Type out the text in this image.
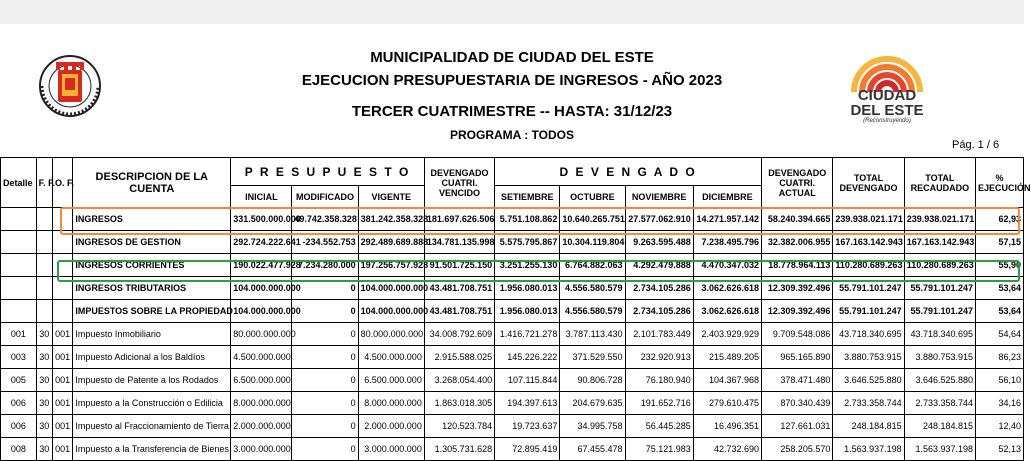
MUNICIPALIDAD DE CIUDAD DEL ESTE
EJECUCION PRESUPUESTARIA DE INGRESOS - AÑO 2023
TERCER CUATRIMESTRE -- HASTA: 31/12/23
PROGRAMA : TODOS
CIUDAD
DEL ESTE
(Reconstruyendo)
Pág. 1 / 6
Detalle	F. F.	O. F.	DESCRIPCION DE LA CUENTA	P R E S U P U E S T O			DEVENGADO CUATRI. VENCIDO	D E V E N G A D O				DEVENGADO CUATRI. ACTUAL	TOTAL DEVENGADO	TOTAL RECAUDADO	% EJECUCIÓN
				INICIAL	MODIFICADO	VIGENTE		SETIEMBRE	OCTUBRE	NOVIEMBRE	DICIEMBRE				
			INGRESOS	331.500.000.000	49.742.358.328	381.242.358.328	181.697.626.506	5.751.108.862	10.640.265.751	27.577.062.910	14.271.957.142	58.240.394.665	239.938.021.171	239.938.021.171	62,93
			INGRESOS DE GESTION	292.724.222.641	-234.552.753	292.489.689.888	134.781.135.998	5.575.795.867	10.304.119.804	9.263.595.488	7.238.495.796	32.382.006.955	167.163.142.943	167.163.142.943	57,15
			INGRESOS CORRIENTES	190.022.477.928	7.234.280.000	197.256.757.928	91.501.725.150	3.251.255.130	6.764.882.063	4.292.479.888	4.470.347.032	18.778.964.113	110.280.689.263	110.280.689.263	55,90
			INGRESOS TRIBUTARIOS	104.000.000.000	0	104.000.000.000	43.481.708.751	1.956.080.013	4.556.580.579	2.734.105.286	3.062.626.618	12.309.392.496	55.791.101.247	55.791.101.247	53,64
			IMPUESTOS SOBRE LA PROPIEDAD	104.000.000.000	0	104.000.000.000	43.481.708.751	1.956.080.013	4.556.580.579	2.734.105.286	3.062.626.618	12.309.392.496	55.791.101.247	55.791.101.247	53,64
001	30	001	Impuesto Inmobiliario	80.000.000.000	0	80.000.000.000	34.008.792.609	1.416.721.278	3.787.113.430	2.101.783.449	2.403.929.929	9.709.548.086	43.718.340.695	43.718.340.695	54,64
003	30	001	Impuesto Adicional a los Baldíos	4.500.000.000	0	4.500.000.000	2.915.588.025	145.226.222	371.529.550	232.920.913	215.489.205	965.165.890	3.880.753.915	3.880.753.915	86,23
005	30	001	Impuesto de Patente a los Rodados	6.500.000.000	0	6.500.000.000	3.268.054.400	107.115.844	90.806.728	76.180.940	104.367.968	378.471.480	3.646.525.880	3.646.525.880	56,10
006	30	001	Impuesto a la Construcción o Edilicia	8.000.000.000	0	8.000.000.000	1.863.018.305	194.397.613	204.679.635	191.652.716	279.610.475	870.340.439	2.733.358.744	2.733.358.744	34,16
006	30	001	Impuesto al Fraccionamiento de Tierra	2.000.000.000	0	2.000.000.000	120.523.784	19.723.637	34.995.758	56.445.285	16.496.351	127.661.031	248.184.815	248.184.815	12,40
008	30	001	Impuesto a la Transferencia de Bienes	3.000.000.000	0	3.000.000.000	1.305.731.628	72.895.419	67.455.478	75.121.983	42.732.690	258.205.570	1.563.937.198	1.563.937.198	52,13
